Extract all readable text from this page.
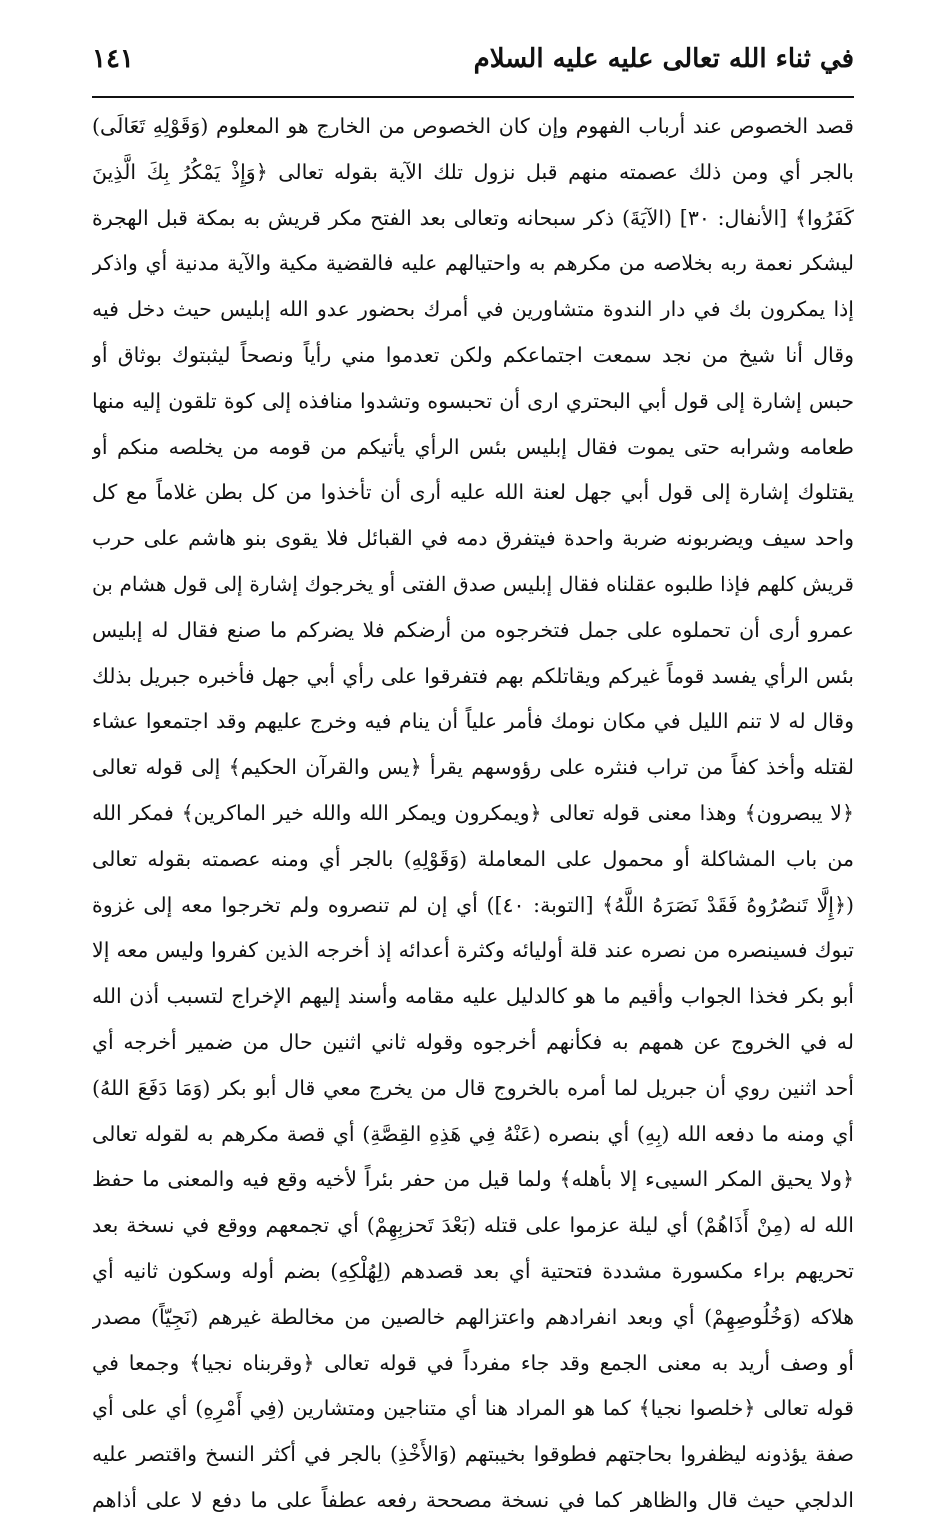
في ثناء الله تعالى عليه عليه السلام
١٤١
قصد الخصوص عند أرباب الفهوم وإن كان الخصوص من الخارج هو المعلوم (وَقَوْلِهِ تَعَالَى)
بالجر أي ومن ذلك عصمته منهم قبل نزول تلك الآية بقوله تعالى ﴿وَإِذْ يَمْكُرُ بِكَ الَّذِينَ
كَفَرُوا﴾ [الأنفال: ٣٠] (الآيَةَ) ذكر سبحانه وتعالى بعد الفتح مكر قريش به بمكة قبل الهجرة
ليشكر نعمة ربه بخلاصه من مكرهم به واحتيالهم عليه فالقضية مكية والآية مدنية أي واذكر
إذا يمكرون بك في دار الندوة متشاورين في أمرك بحضور عدو الله إبليس حيث دخل فيه
وقال أنا شيخ من نجد سمعت اجتماعكم ولكن تعدموا مني رأياً ونصحاً ليثبتوك بوثاق أو
حبس إشارة إلى قول أبي البحتري ارى أن تحبسوه وتشدوا منافذه إلى كوة تلقون إليه منها
طعامه وشرابه حتى يموت فقال إبليس بئس الرأي يأتيكم من قومه من يخلصه منكم أو
يقتلوك إشارة إلى قول أبي جهل لعنة الله عليه أرى أن تأخذوا من كل بطن غلاماً مع كل
واحد سيف ويضربونه ضربة واحدة فيتفرق دمه في القبائل فلا يقوى بنو هاشم على حرب
قريش كلهم فإذا طلبوه عقلناه فقال إبليس صدق الفتى أو يخرجوك إشارة إلى قول هشام بن
عمرو أرى أن تحملوه على جمل فتخرجوه من أرضكم فلا يضركم ما صنع فقال له إبليس
بئس الرأي يفسد قوماً غيركم ويقاتلكم بهم فتفرقوا على رأي أبي جهل فأخبره جبريل بذلك
وقال له لا تنم الليل في مكان نومك فأمر علياً أن ينام فيه وخرج عليهم وقد اجتمعوا عشاء
لقتله وأخذ كفاً من تراب فنثره على رؤوسهم يقرأ ﴿يس والقرآن الحكيم﴾ إلى قوله تعالى
﴿لا يبصرون﴾ وهذا معنى قوله تعالى ﴿ويمكرون ويمكر الله والله خير الماكرين﴾ فمكر الله
من باب المشاكلة أو محمول على المعاملة (وَقَوْلِهِ) بالجر أي ومنه عصمته بقوله تعالى
(﴿إِلَّا تَنصُرُوهُ فَقَدْ نَصَرَهُ اللَّهُ﴾ [التوبة: ٤٠]) أي إن لم تنصروه ولم تخرجوا معه إلى غزوة
تبوك فسينصره من نصره عند قلة أوليائه وكثرة أعدائه إذ أخرجه الذين كفروا وليس معه إلا
أبو بكر فخذا الجواب وأقيم ما هو كالدليل عليه مقامه وأسند إليهم الإخراج لتسبب أذن الله
له في الخروج عن همهم به فكأنهم أخرجوه وقوله ثاني اثنين حال من ضمير أخرجه أي
أحد اثنين روي أن جبريل لما أمره بالخروج قال من يخرج معي قال أبو بكر (وَمَا دَفَعَ اللهُ)
أي ومنه ما دفعه الله (بِهِ) أي بنصره (عَنْهُ فِي هَذِهِ القِصَّةِ) أي قصة مكرهم به لقوله تعالى
﴿ولا يحيق المكر السيىء إلا بأهله﴾ ولما قيل من حفر بئراً لأخيه وقع فيه والمعنى ما حفظ
الله له (مِنْ أَذَاهُمْ) أي ليلة عزموا على قتله (بَعْدَ تَحزبِهِمْ) أي تجمعهم ووقع في نسخة بعد
تحريهم براء مكسورة مشددة فتحتية أي بعد قصدهم (لِهُلْكِهِ) بضم أوله وسكون ثانيه أي
هلاكه (وَخُلُوصِهِمْ) أي وبعد انفرادهم واعتزالهم خالصين من مخالطة غيرهم (نَجِيّاً) مصدر
أو وصف أريد به معنى الجمع وقد جاء مفرداً في قوله تعالى ﴿وقربناه نجيا﴾ وجمعا في
قوله تعالى ﴿خلصوا نجيا﴾ كما هو المراد هنا أي متناجين ومتشارين (فِي أَمْرِهِ) أي على أي
صفة يؤذونه ليظفروا بحاجتهم فطوقوا بخيبتهم (وَالأَخْذِ) بالجر في أكثر النسخ واقتصر عليه
الدلجي حيث قال والظاهر كما في نسخة مصححة رفعه عطفاً على ما دفع لا على أذاهم
